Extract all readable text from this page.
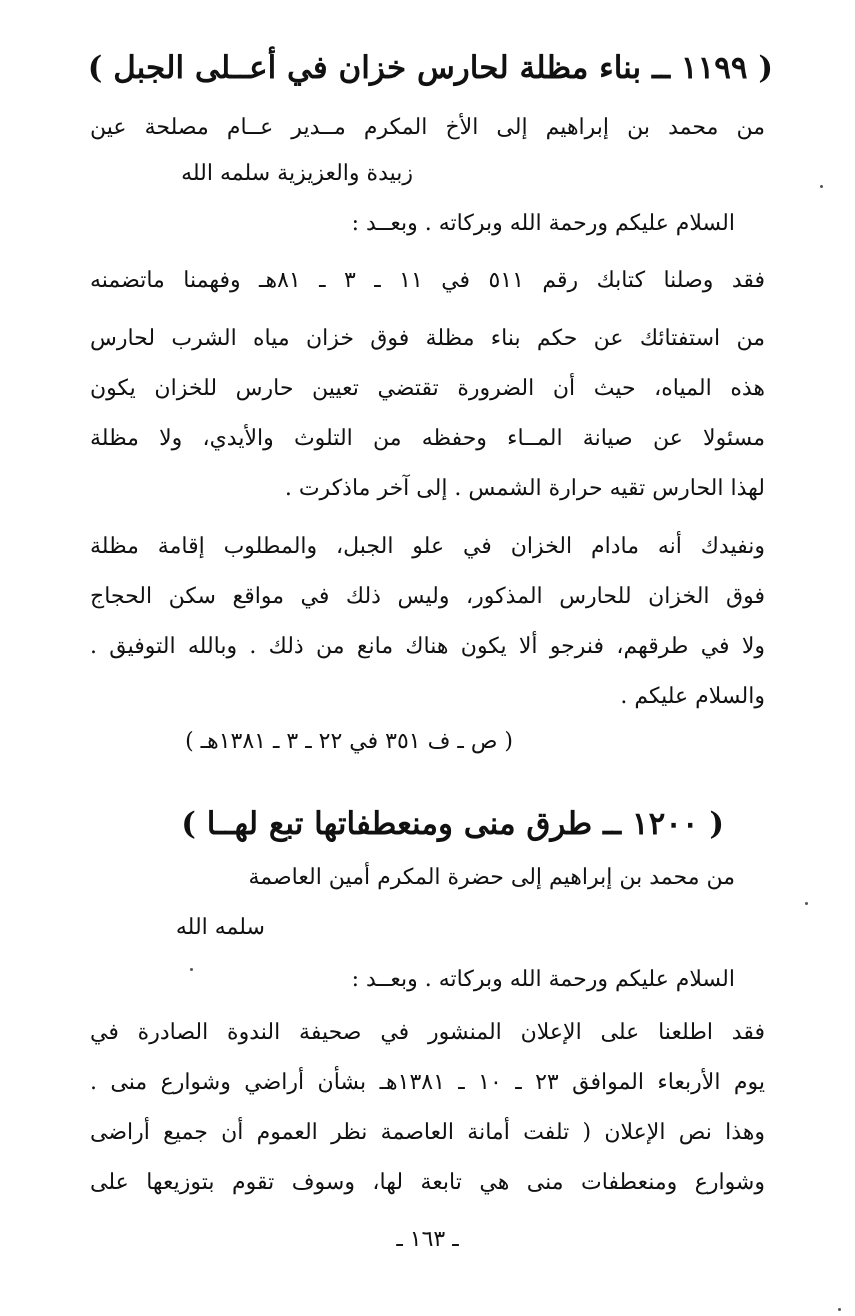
( ١١٩٩ ــ بناء مظلة لحارس خزان في أعــلى الجبل )
من محمد بن إبراهيم إلى الأخ المكرم مــدير عــام مصلحة عين
زبيدة والعزيزية سلمه الله
السلام عليكم ورحمة الله وبركاته . وبعــد :
فقد وصلنا كتابك رقم ٥١١ في ١١ ـ ٣ ـ ٨١هـ وفهمنا ماتضمنه
من استفتائك عن حكم بناء مظلة فوق خزان مياه الشرب لحارس
هذه المياه، حيث أن الضرورة تقتضي تعيين حارس للخزان يكون
مسئولا عن صيانة المــاء وحفظه من التلوث والأيدي، ولا مظلة
لهذا الحارس تقيه حرارة الشمس . إلى آخر ماذكرت .
ونفيدك أنه مادام الخزان في علو الجبل، والمطلوب إقامة مظلة
فوق الخزان للحارس المذكور، وليس ذلك في مواقع سكن الحجاج
ولا في طرقهم، فنرجو ألا يكون هناك مانع من ذلك . وبالله التوفيق .
والسلام عليكم .
( ص ـ ف ٣٥١ في ٢٢ ـ ٣ ـ ١٣٨١هـ )
( ١٢٠٠ ــ طرق منى ومنعطفاتها تبع لهــا )
من محمد بن إبراهيم إلى حضرة المكرم أمين العاصمة
سلمه الله
السلام عليكم ورحمة الله وبركاته . وبعــد :
فقد اطلعنا على الإعلان المنشور في صحيفة الندوة الصادرة في
يوم الأربعاء الموافق ٢٣ ـ ١٠ ـ ١٣٨١هـ بشأن أراضي وشوارع منى .
وهذا نص الإعلان ( تلفت أمانة العاصمة نظر العموم أن جميع أراضى
وشوارع ومنعطفات منى هي تابعة لها، وسوف تقوم بتوزيعها على
ـ ١٦٣ ـ
